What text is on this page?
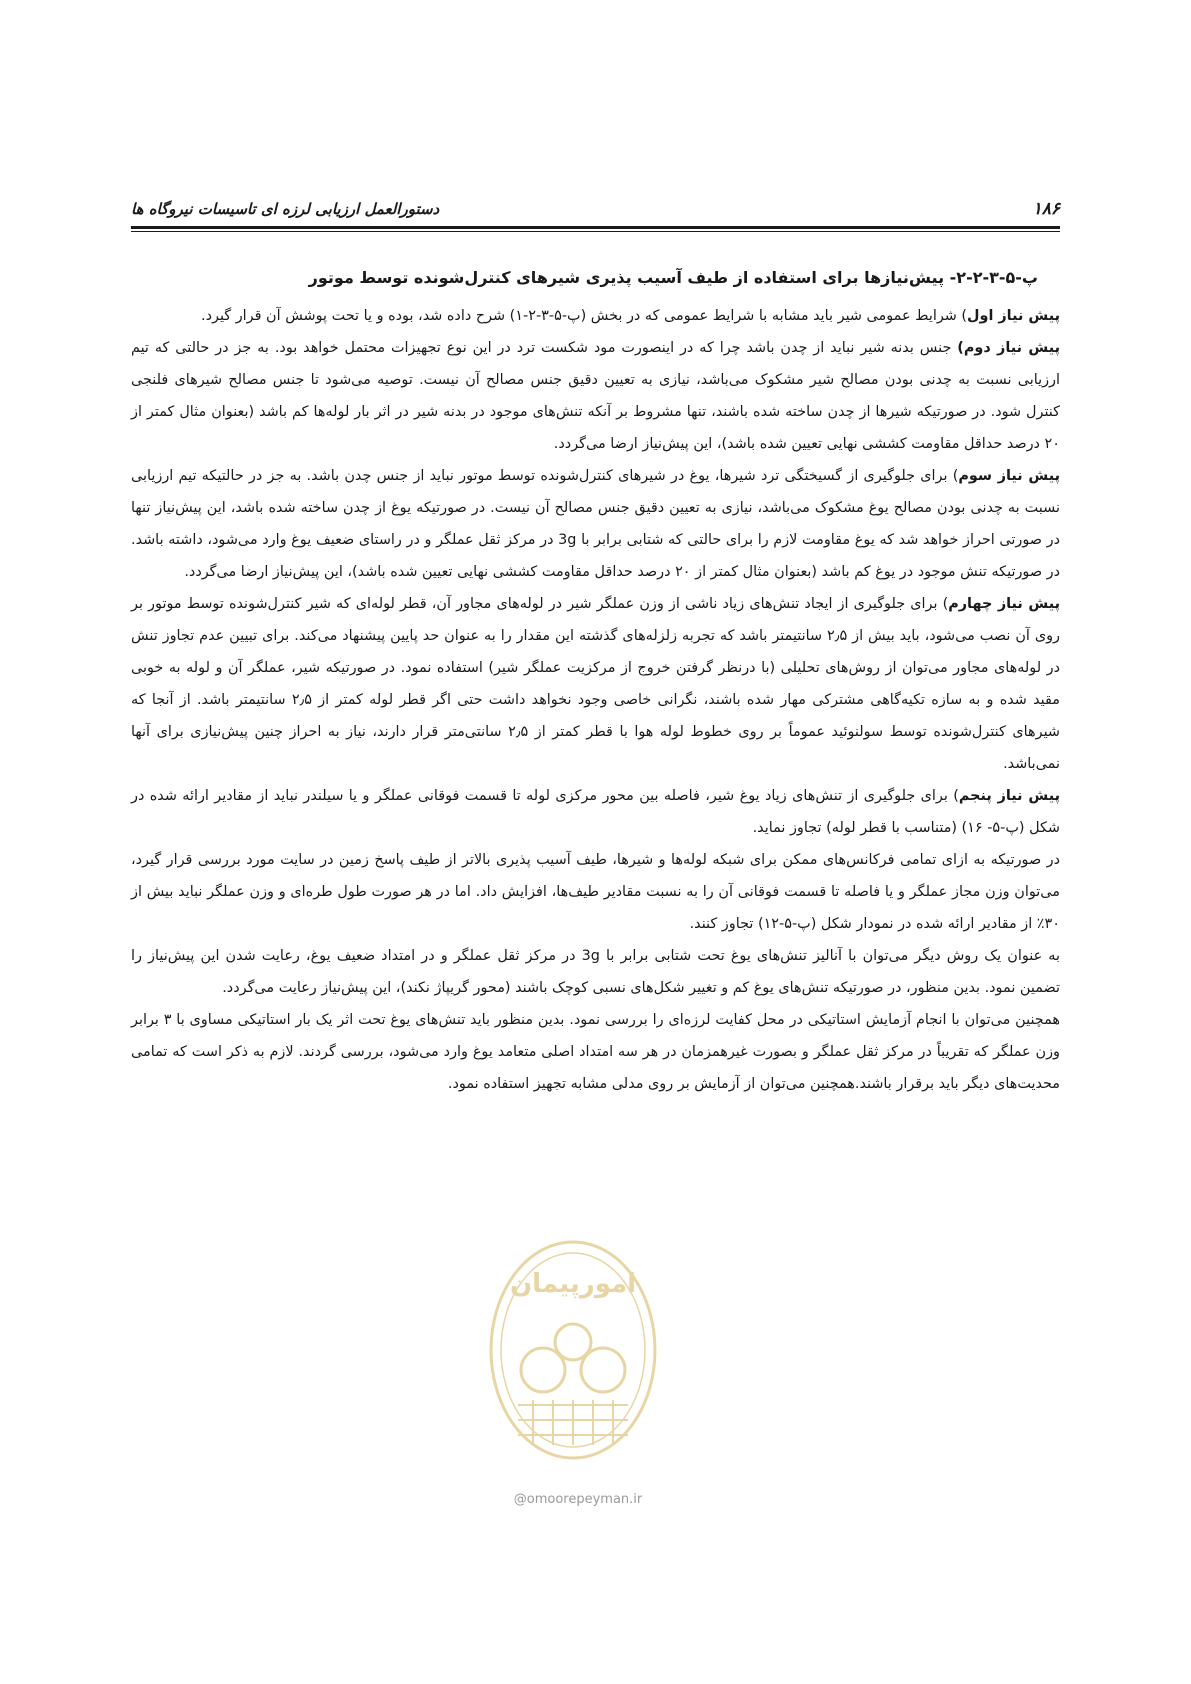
۱۸۶
دستورالعمل ارزیابی لرزه ای تاسیسات نیروگاه ها
پ-۵-۳-۲-۲- پیش‌نیازها برای استفاده از طیف آسیب پذیری شیرهای کنترل‌شونده توسط موتور

پیش نیاز اول) شرایط عمومی شیر باید مشابه با شرایط عمومی که در بخش (پ-۵-۳-۲-۱) شرح داده شد، بوده و یا تحت پوشش آن قرار گیرد.

پیش نیاز دوم) جنس بدنه شیر نباید از چدن باشد چرا که در اینصورت مود شکست ترد در این نوع تجهیزات محتمل خواهد بود. به جز در حالتی که تیم ارزیابی نسبت به چدنی بودن مصالح شیر مشکوک می‌باشد، نیازی به تعیین دقیق جنس مصالح آن نیست. توصیه می‌شود تا جنس مصالح شیرهای فلنجی کنترل شود. در صورتیکه شیرها از چدن ساخته شده باشند، تنها مشروط بر آنکه تنش‌های موجود در بدنه شیر در اثر بار لوله‌ها کم باشد (بعنوان مثال کمتر از ۲۰ درصد حداقل مقاومت کششی نهایی تعیین شده باشد)، این پیش‌نیاز ارضا می‌گردد.

پیش نیاز سوم) برای جلوگیری از گسیختگی ترد شیرها، یوغ در شیرهای کنترل‌شونده توسط موتور نباید از جنس چدن باشد. به جز در حالتیکه تیم ارزیابی نسبت به چدنی بودن مصالح یوغ مشکوک می‌باشد، نیازی به تعیین دقیق جنس مصالح آن نیست. در صورتیکه یوغ از چدن ساخته شده باشد، این پیش‌نیاز تنها در صورتی احراز خواهد شد که یوغ مقاومت لازم را برای حالتی که شتابی برابر با 3g در مرکز ثقل عملگر و در راستای ضعیف یوغ وارد می‌شود، داشته باشد. در صورتیکه تنش موجود در یوغ کم باشد (بعنوان مثال کمتر از ۲۰ درصد حداقل مقاومت کششی نهایی تعیین شده باشد)، این پیش‌نیاز ارضا می‌گردد.

پیش نیاز چهارم) برای جلوگیری از ایجاد تنش‌های زیاد ناشی از وزن عملگر شیر در لوله‌های مجاور آن، قطر لوله‌ای که شیر کنترل‌شونده توسط موتور بر روی آن نصب می‌شود، باید بیش از ۲٫۵ سانتیمتر باشد که تجربه زلزله‌های گذشته این مقدار را به عنوان حد پایین پیشنهاد می‌کند. برای تبیین عدم تجاوز تنش در لوله‌های مجاور می‌توان از روش‌های تحلیلی (با درنظر گرفتن خروج از مرکزیت عملگر شیر) استفاده نمود. در صورتیکه شیر، عملگر آن و لوله به خوبی مقید شده و به سازه تکیه‌گاهی مشترکی مهار شده باشند، نگرانی خاصی وجود نخواهد داشت حتی اگر قطر لوله کمتر از ۲٫۵ سانتیمتر باشد. از آنجا که شیرهای کنترل‌شونده توسط سولنوئید عموماً بر روی خطوط لوله هوا با قطر کمتر از ۲٫۵ سانتی‌متر قرار دارند، نیاز به احراز چنین پیش‌نیازی برای آنها نمی‌باشد.

پیش نیاز پنجم) برای جلوگیری از تنش‌های زیاد یوغ شیر، فاصله بین محور مرکزی لوله تا قسمت فوقانی عملگر و یا سیلندر نباید از مقادیر ارائه شده در شکل (پ-۵- ۱۶) (متناسب با قطر لوله) تجاوز نماید.

در صورتیکه به ازای تمامی فرکانس‌های ممکن برای شبکه لوله‌ها و شیرها، طیف آسیب پذیری بالاتر از طیف پاسخ زمین در سایت مورد بررسی قرار گیرد، می‌توان وزن مجاز عملگر و یا فاصله تا قسمت فوقانی آن را به نسبت مقادیر طیف‌ها، افزایش داد. اما در هر صورت طول طره‌ای و وزن عملگر نباید بیش از ۳۰٪ از مقادیر ارائه شده در نمودار شکل (پ-۵-۱۲) تجاوز کنند.

به عنوان یک روش دیگر می‌توان با آنالیز تنش‌های یوغ تحت شتابی برابر با 3g در مرکز ثقل عملگر و در امتداد ضعیف یوغ، رعایت شدن این پیش‌نیاز را تضمین نمود. بدین منظور، در صورتیکه تنش‌های یوغ کم و تغییر شکل‌های نسبی کوچک باشند (محور گریپاژ نکند)، این پیش‌نیاز رعایت می‌گردد.

همچنین می‌توان با انجام آزمایش استاتیکی در محل کفایت لرزه‌ای را بررسی نمود. بدین منظور باید تنش‌های یوغ تحت اثر یک بار استاتیکی مساوی با ۳ برابر وزن عملگر که تقریباً در مرکز ثقل عملگر و بصورت غیرهمزمان در هر سه امتداد اصلی متعامد یوغ وارد می‌شود، بررسی گردند. لازم به ذکر است که تمامی محدیت‌های دیگر باید برقرار باشند.همچنین می‌توان از آزمایش بر روی مدلی مشابه تجهیز استفاده نمود.

امورپیمان
@omoorepeyman.ir
